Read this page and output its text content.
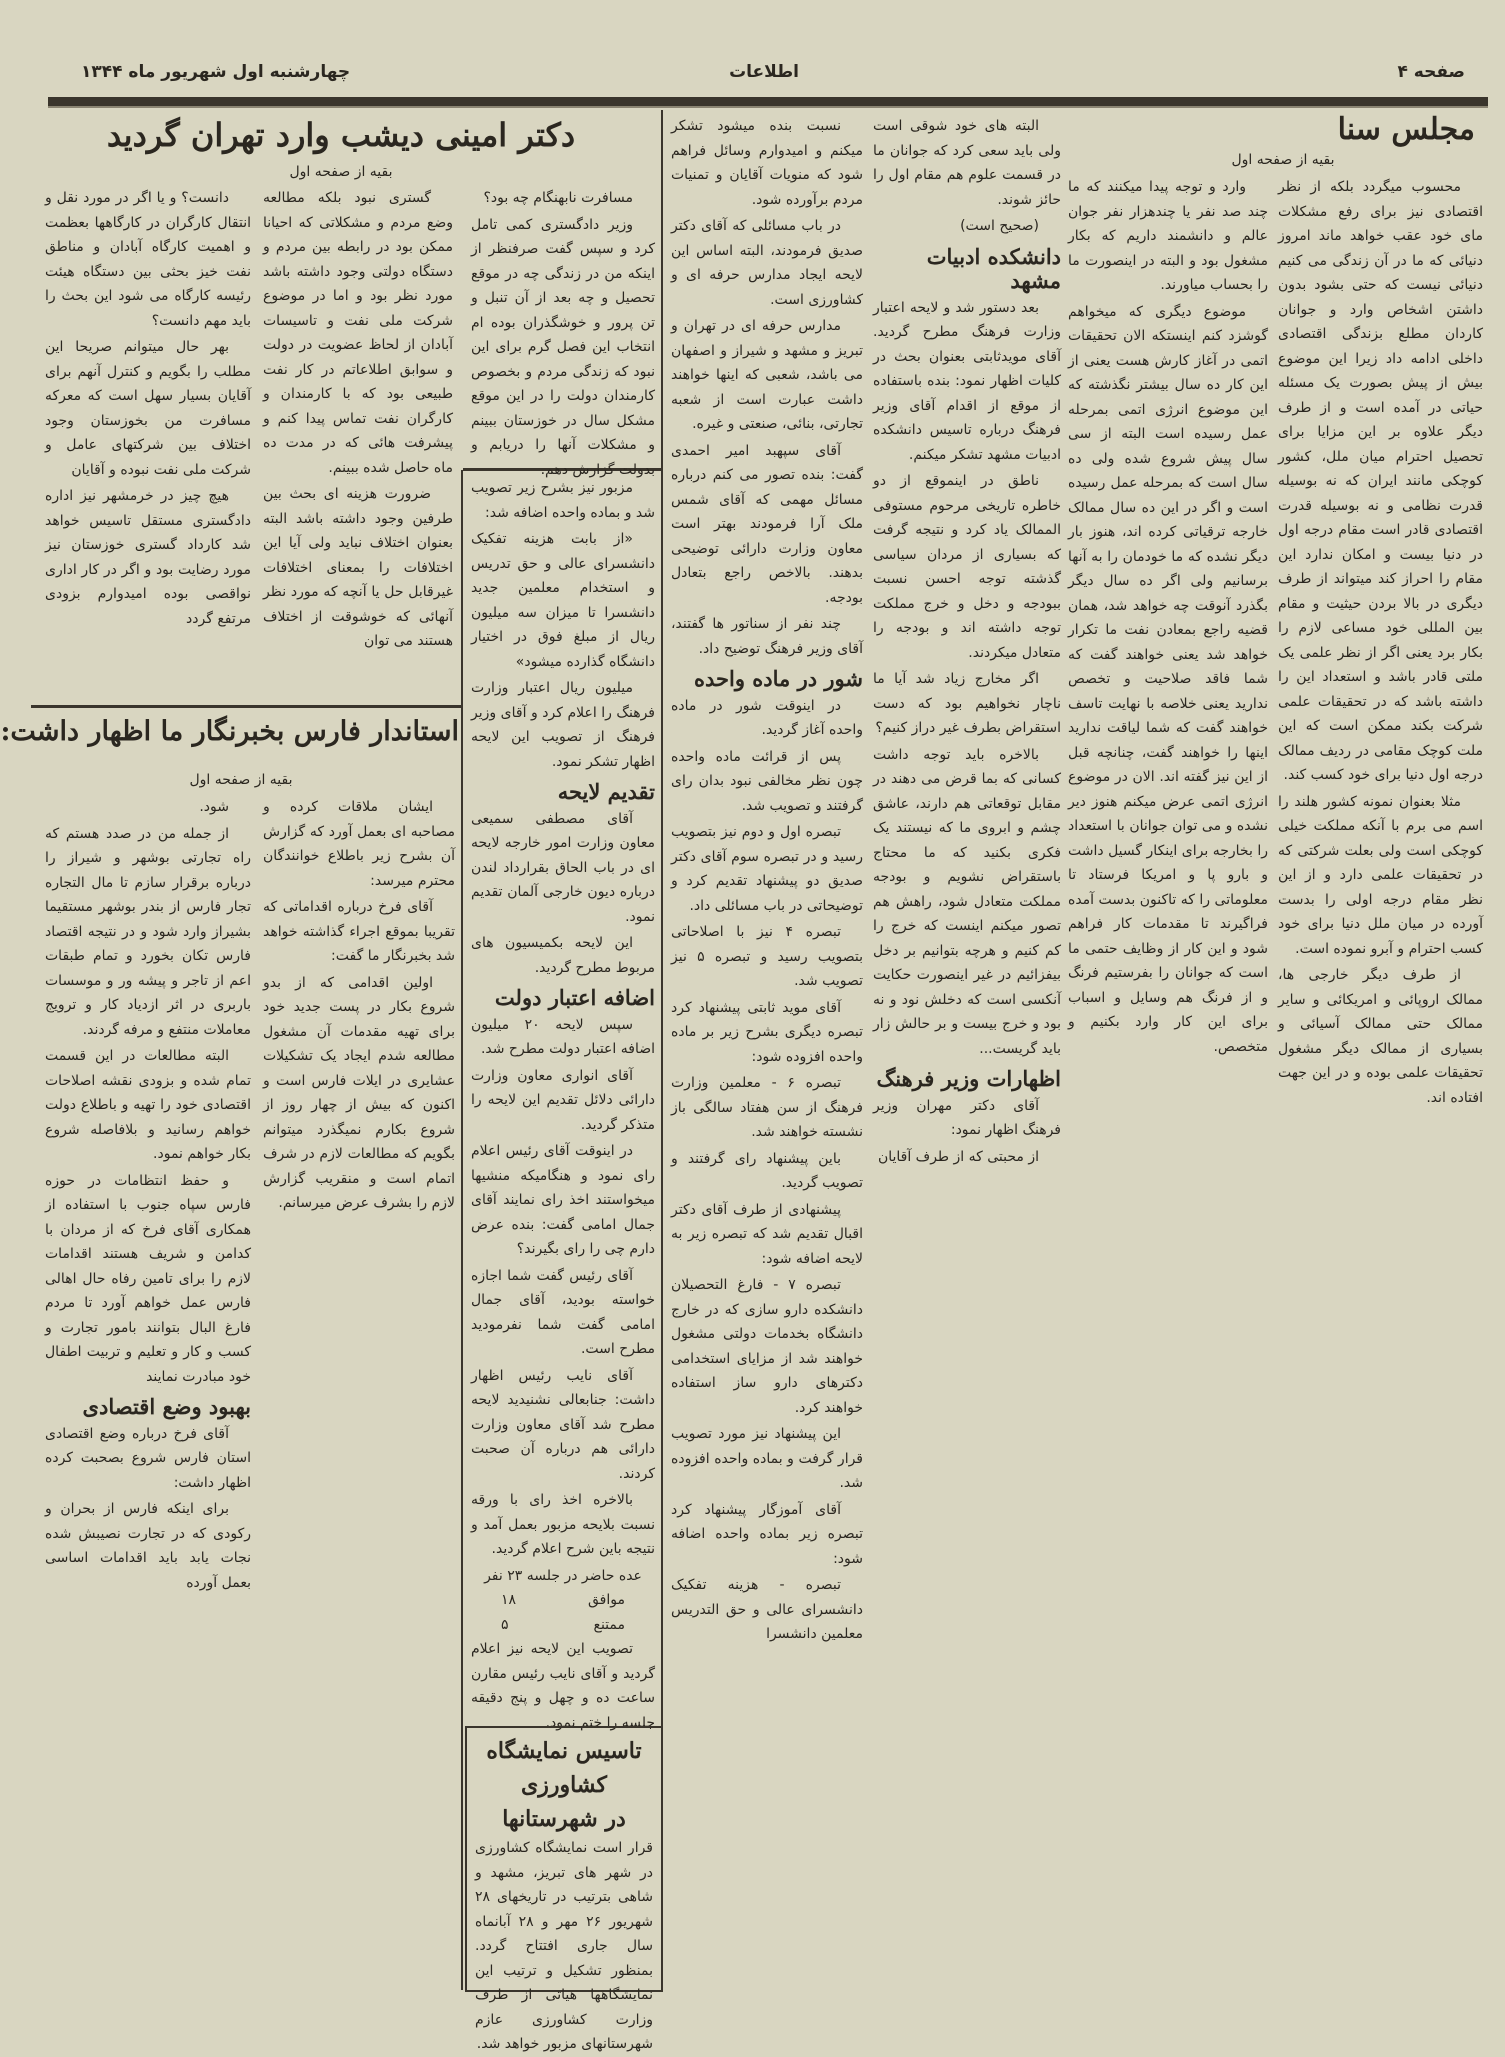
صفحه ۴
اطلاعات
چهارشنبه اول شهریور ماه ۱۳۴۴
مجلس سنا
بقیه از صفحه اول

محسوب میگردد بلکه از نظر اقتصادی نیز برای رفع مشکلات مای خود عقب خواهد ماند امروز دنیائی که ما در آن زندگی می کنیم دنیائی نیست که حتی بشود بدون داشتن اشخاص وارد و جوانان کاردان مطلع بزندگی اقتصادی داخلی ادامه داد زیرا این موضوع بیش از پیش بصورت یک مسئله حیاتی در آمده است و از طرف دیگر علاوه بر این مزایا برای تحصیل احترام میان ملل، کشور کوچکی مانند ایران که نه بوسیله قدرت نظامی و نه بوسیله قدرت اقتصادی قادر است مقام درجه اول در دنیا بیست و امکان ندارد این مقام را احراز کند میتواند از طرف دیگری در بالا بردن حیثیت و مقام بین المللی خود مساعی لازم را بکار برد یعنی اگر از نظر علمی یک ملتی قادر باشد و استعداد این را داشته باشد که در تحقیقات علمی شرکت بکند ممکن است که این ملت کوچک مقامی در ردیف ممالک درجه اول دنیا برای خود کسب کند.

مثلا بعنوان نمونه کشور هلند را اسم می برم با آنکه مملکت خیلی کوچکی است ولی بعلت شرکتی که در تحقیقات علمی دارد و از این نظر مقام درجه اولی را بدست آورده در میان ملل دنیا برای خود کسب احترام و آبرو نموده است.

از طرف دیگر خارجی ها، ممالک اروپائی و امریکائی و سایر ممالک حتی ممالک آسیائی و بسیاری از ممالک دیگر مشغول تحقیقات علمی بوده و در این جهت افتاده اند.

وارد و توجه پیدا میکنند که ما چند صد نفر یا چندهزار نفر جوان عالم و دانشمند داریم که بکار مشغول بود و البته در اینصورت ما را بحساب میاورند.

موضوع دیگری که میخواهم گوشزد کنم اینستکه الان تحقیقات اتمی در آغاز کارش هست یعنی از این کار ده سال بیشتر نگذشته که این موضوع انرژی اتمی بمرحله عمل رسیده است البته از سی سال پیش شروع شده ولی ده سال است که بمرحله عمل رسیده است و اگر در این ده سال ممالک خارجه ترقیاتی کرده اند، هنوز بار دیگر نشده که ما خودمان را به آنها برسانیم ولی اگر ده سال دیگر بگذرد آنوقت چه خواهد شد، همان قضیه راجع بمعادن نفت ما تکرار خواهد شد یعنی خواهند گفت که شما فاقد صلاحیت و تخصص ندارید یعنی خلاصه با نهایت تاسف خواهند گفت که شما لیاقت ندارید اینها را خواهند گفت، چنانچه قبل از این نیز گفته اند. الان در موضوع انرژی اتمی عرض میکنم هنوز دیر نشده و می توان جوانان با استعداد را بخارجه برای اینکار گسیل داشت و بارو پا و امریکا فرستاد تا معلوماتی را که تاکنون بدست آمده فراگیرند تا مقدمات کار فراهم شود و این کار از وظایف حتمی ما است که جوانان را بفرستیم فرنگ و از فرنگ هم وسایل و اسباب برای این کار وارد بکنیم و متخصص.

البته های خود شوقی است ولی باید سعی کرد که جوانان ما در قسمت علوم هم مقام اول را حائز شوند.

(صحیح است)

دانشکده ادبیات مشهد

بعد دستور شد و لایحه اعتبار وزارت فرهنگ مطرح گردید. آقای مویدثابتی بعنوان بحث در کلیات اظهار نمود: بنده باستفاده از موقع از اقدام آقای وزیر فرهنگ درباره تاسیس دانشکده ادبیات مشهد تشکر میکنم.

ناطق در اینموقع از دو خاطره تاریخی مرحوم مستوفی الممالک یاد کرد و نتیجه گرفت که بسیاری از مردان سیاسی گذشته توجه احسن نسبت ببودجه و دخل و خرج مملکت توجه داشته اند و بودجه را متعادل میکردند.

اگر مخارج زیاد شد آیا ما ناچار نخواهیم بود که دست استقراض بطرف غیر دراز کنیم؟

بالاخره باید توجه داشت کسانی که بما قرض می دهند در مقابل توقعاتی هم دارند، عاشق چشم و ابروی ما که نیستند یک فکری بکنید که ما محتاج باستقراض نشویم و بودجه مملکت متعادل شود، راهش هم تصور میکنم اینست که خرج را کم کنیم و هرچه بتوانیم بر دخل بیفزائیم در غیر اینصورت حکایت آنکسی است که دخلش نود و نه بود و خرج بیست و بر حالش زار باید گریست...

اظهارات وزیر فرهنگ

آقای دکتر مهران وزیر فرهنگ اظهار نمود:

از محبتی که از طرف آقایان

نسبت بنده میشود تشکر میکنم و امیدوارم وسائل فراهم شود که منویات آقایان و تمنیات مردم برآورده شود.

در باب مسائلی که آقای دکتر صدیق فرمودند، البته اساس این لایحه ایجاد مدارس حرفه ای و کشاورزی است.

مدارس حرفه ای در تهران و تبریز و مشهد و شیراز و اصفهان می باشد، شعبی که اینها خواهند داشت عبارت است از شعبه تجارتی، بنائی، صنعتی و غیره.

آقای سپهبد امیر احمدی گفت: بنده تصور می کنم درباره مسائل مهمی که آقای شمس ملک آرا فرمودند بهتر است معاون وزارت دارائی توضیحی بدهند. بالاخص راجع بتعادل بودجه.

چند نفر از سناتور ها گفتند، آقای وزیر فرهنگ توضیح داد.

شور در ماده واحده

در اینوقت شور در ماده واحده آغاز گردید.

پس از قرائت ماده واحده چون نظر مخالفی نبود بدان رای گرفتند و تصویب شد.

تبصره اول و دوم نیز بتصویب رسید و در تبصره سوم آقای دکتر صدیق دو پیشنهاد تقدیم کرد و توضیحاتی در باب مسائلی داد.

تبصره ۴ نیز با اصلاحاتی بتصویب رسید و تبصره ۵ نیز تصویب شد.

آقای موید ثابتی پیشنهاد کرد تبصره دیگری بشرح زیر بر ماده واحده افزوده شود:

تبصره ۶ - معلمین وزارت فرهنگ از سن هفتاد سالگی باز نشسته خواهند شد.

باین پیشنهاد رای گرفتند و تصویب گردید.

پیشنهادی از طرف آقای دکتر اقبال تقدیم شد که تبصره زیر به لایحه اضافه شود:

تبصره ۷ - فارغ التحصیلان دانشکده دارو سازی که در خارج دانشگاه بخدمات دولتی مشغول خواهند شد از مزایای استخدامی دکترهای دارو ساز استفاده خواهند کرد.

این پیشنهاد نیز مورد تصویب قرار گرفت و بماده واحده افزوده شد.

آقای آموزگار پیشنهاد کرد تبصره زیر بماده واحده اضافه شود:

تبصره - هزینه تفکیک دانشسرای عالی و حق التدریس معلمین دانشسرا

مزبور نیز بشرح زیر تصویب شد و بماده واحده اضافه شد:

«از بابت هزینه تفکیک دانشسرای عالی و حق تدریس و استخدام معلمین جدید دانشسرا تا میزان سه میلیون ریال از مبلغ فوق در اختیار دانشگاه گذارده میشود»

میلیون ریال اعتبار وزارت فرهنگ را اعلام کرد و آقای وزیر فرهنگ از تصویب این لایحه اظهار تشکر نمود.

تقدیم لایحه

آقای مصطفی سمیعی معاون وزارت امور خارجه لایحه ای در باب الحاق بقرارداد لندن درباره دیون خارجی آلمان تقدیم نمود.

این لایحه بکمیسیون های مربوط مطرح گردید.

اضافه اعتبار دولت

سپس لایحه ۲۰ میلیون اضافه اعتبار دولت مطرح شد.

آقای انواری معاون وزارت دارائی دلائل تقدیم این لایحه را متذکر گردید.

در اینوقت آقای رئیس اعلام رای نمود و هنگامیکه منشیها میخواستند اخذ رای نمایند آقای جمال امامی گفت: بنده عرض دارم چی را رای بگیرند؟

آقای رئیس گفت شما اجازه خواسته بودید، آقای جمال امامی گفت شما نفرمودید مطرح است.

آقای نایب رئیس اظهار داشت: جنابعالی نشنیدید لایحه مطرح شد آقای معاون وزارت دارائی هم درباره آن صحبت کردند.

بالاخره اخذ رای با ورقه نسبت بلایحه مزبور بعمل آمد و نتیجه باین شرح اعلام گردید.

عده حاضر در جلسه ۲۳ نفر
موافق
۱۸
ممتنع
۵

تصویب این لایحه نیز اعلام گردید و آقای نایب رئیس مقارن ساعت ده و چهل و پنج دقیقه جلسه را ختم نمود.

دکتر امینی دیشب وارد تهران گردید
بقیه از صفحه اول

مسافرت نابهنگام چه بود؟

وزیر دادگستری کمی تامل کرد و سپس گفت صرفنظر از اینکه من در زندگی چه در موقع تحصیل و چه بعد از آن تنبل و تن پرور و خوشگذران بوده ام انتخاب این فصل گرم برای این نبود که زندگی مردم و بخصوص کارمندان دولت را در این موقع مشکل سال در خوزستان ببینم و مشکلات آنها را دریابم و بدولت گزارش دهم.

گستری نبود بلکه مطالعه وضع مردم و مشکلاتی که احیانا ممکن بود در رابطه بین مردم و دستگاه دولتی وجود داشته باشد مورد نظر بود و اما در موضوع شرکت ملی نفت و تاسیسات آبادان از لحاظ عضویت در دولت و سوابق اطلاعاتم در کار نفت طبیعی بود که با کارمندان و کارگران نفت تماس پیدا کنم و پیشرفت هائی که در مدت ده ماه حاصل شده ببینم.

ضرورت هزینه ای بحث بین طرفین وجود داشته باشد البته بعنوان اختلاف نباید ولی آیا این اختلافات را بمعنای اختلافات غیرقابل حل یا آنچه که مورد نظر آنهائی که خوشوقت از اختلاف هستند می توان

دانست؟ و یا اگر در مورد نقل و انتقال کارگران در کارگاهها بعظمت و اهمیت کارگاه آبادان و مناطق نفت خیز بحثی بین دستگاه هیئت رئیسه کارگاه می شود این بحث را باید مهم دانست؟

بهر حال میتوانم صریحا این مطلب را بگویم و کنترل آنهم برای آقایان بسیار سهل است که معرکه مسافرت من بخوزستان وجود اختلاف بین شرکتهای عامل و شرکت ملی نفت نبوده و آقایان

هیچ چیز در خرمشهر نیز اداره دادگستری مستقل تاسیس خواهد شد کارداد گستری خوزستان نیز مورد رضایت بود و اگر در کار اداری نواقصی بوده امیدوارم بزودی مرتفع گردد

استاندار فارس بخبرنگار ما اظهار داشت:
بقیه از صفحه اول

ایشان ملاقات کرده و مصاحبه ای بعمل آورد که گزارش آن بشرح زیر باطلاع خوانندگان محترم میرسد:

آقای فرخ درباره اقداماتی که تقریبا بموقع اجراء گذاشته خواهد شد بخبرنگار ما گفت:

اولین اقدامی که از بدو شروع بکار در پست جدید خود برای تهیه مقدمات آن مشغول مطالعه شدم ایجاد یک تشکیلات عشایری در ایلات فارس است و اکنون که بیش از چهار روز از شروع بکارم نمیگذرد میتوانم بگویم که مطالعات لازم در شرف اتمام است و منقریب گزارش لازم را بشرف عرض میرسانم.

شود.

از جمله من در صدد هستم که راه تجارتی بوشهر و شیراز را درباره برقرار سازم تا مال التجاره تجار فارس از بندر بوشهر مستقیما بشیراز وارد شود و در نتیجه اقتصاد فارس تکان بخورد و تمام طبقات اعم از تاجر و پیشه ور و موسسات باربری در اثر ازدیاد کار و ترویج معاملات منتفع و مرفه گردند.

البته مطالعات در این قسمت تمام شده و بزودی نقشه اصلاحات اقتصادی خود را تهیه و باطلاع دولت خواهم رسانید و بلافاصله شروع بکار خواهم نمود.

و حفظ انتظامات در حوزه فارس سپاه جنوب با استفاده از همکاری آقای فرخ که از مردان با کدامن و شریف هستند اقدامات لازم را برای تامین رفاه حال اهالی فارس عمل خواهم آورد تا مردم فارغ البال بتوانند بامور تجارت و کسب و کار و تعلیم و تربیت اطفال خود مبادرت نمایند

بهبود وضع اقتصادی

آقای فرخ درباره وضع اقتصادی استان فارس شروع بصحبت کرده اظهار داشت:

برای اینکه فارس از بحران و رکودی که در تجارت نصیبش شده نجات یابد باید اقدامات اساسی بعمل آورده

تاسیس نمایشگاه کشاورزی
در شهرستانها
قرار است نمایشگاه کشاورزی در شهر های تبریز، مشهد و شاهی بترتیب در تاریخهای ۲۸ شهریور ۲۶ مهر و ۲۸ آبانماه سال جاری افتتاح گردد. بمنظور تشکیل و ترتیب این نمایشگاهها هیاتی از طرف وزارت کشاورزی عازم شهرستانهای مزبور خواهد شد.
